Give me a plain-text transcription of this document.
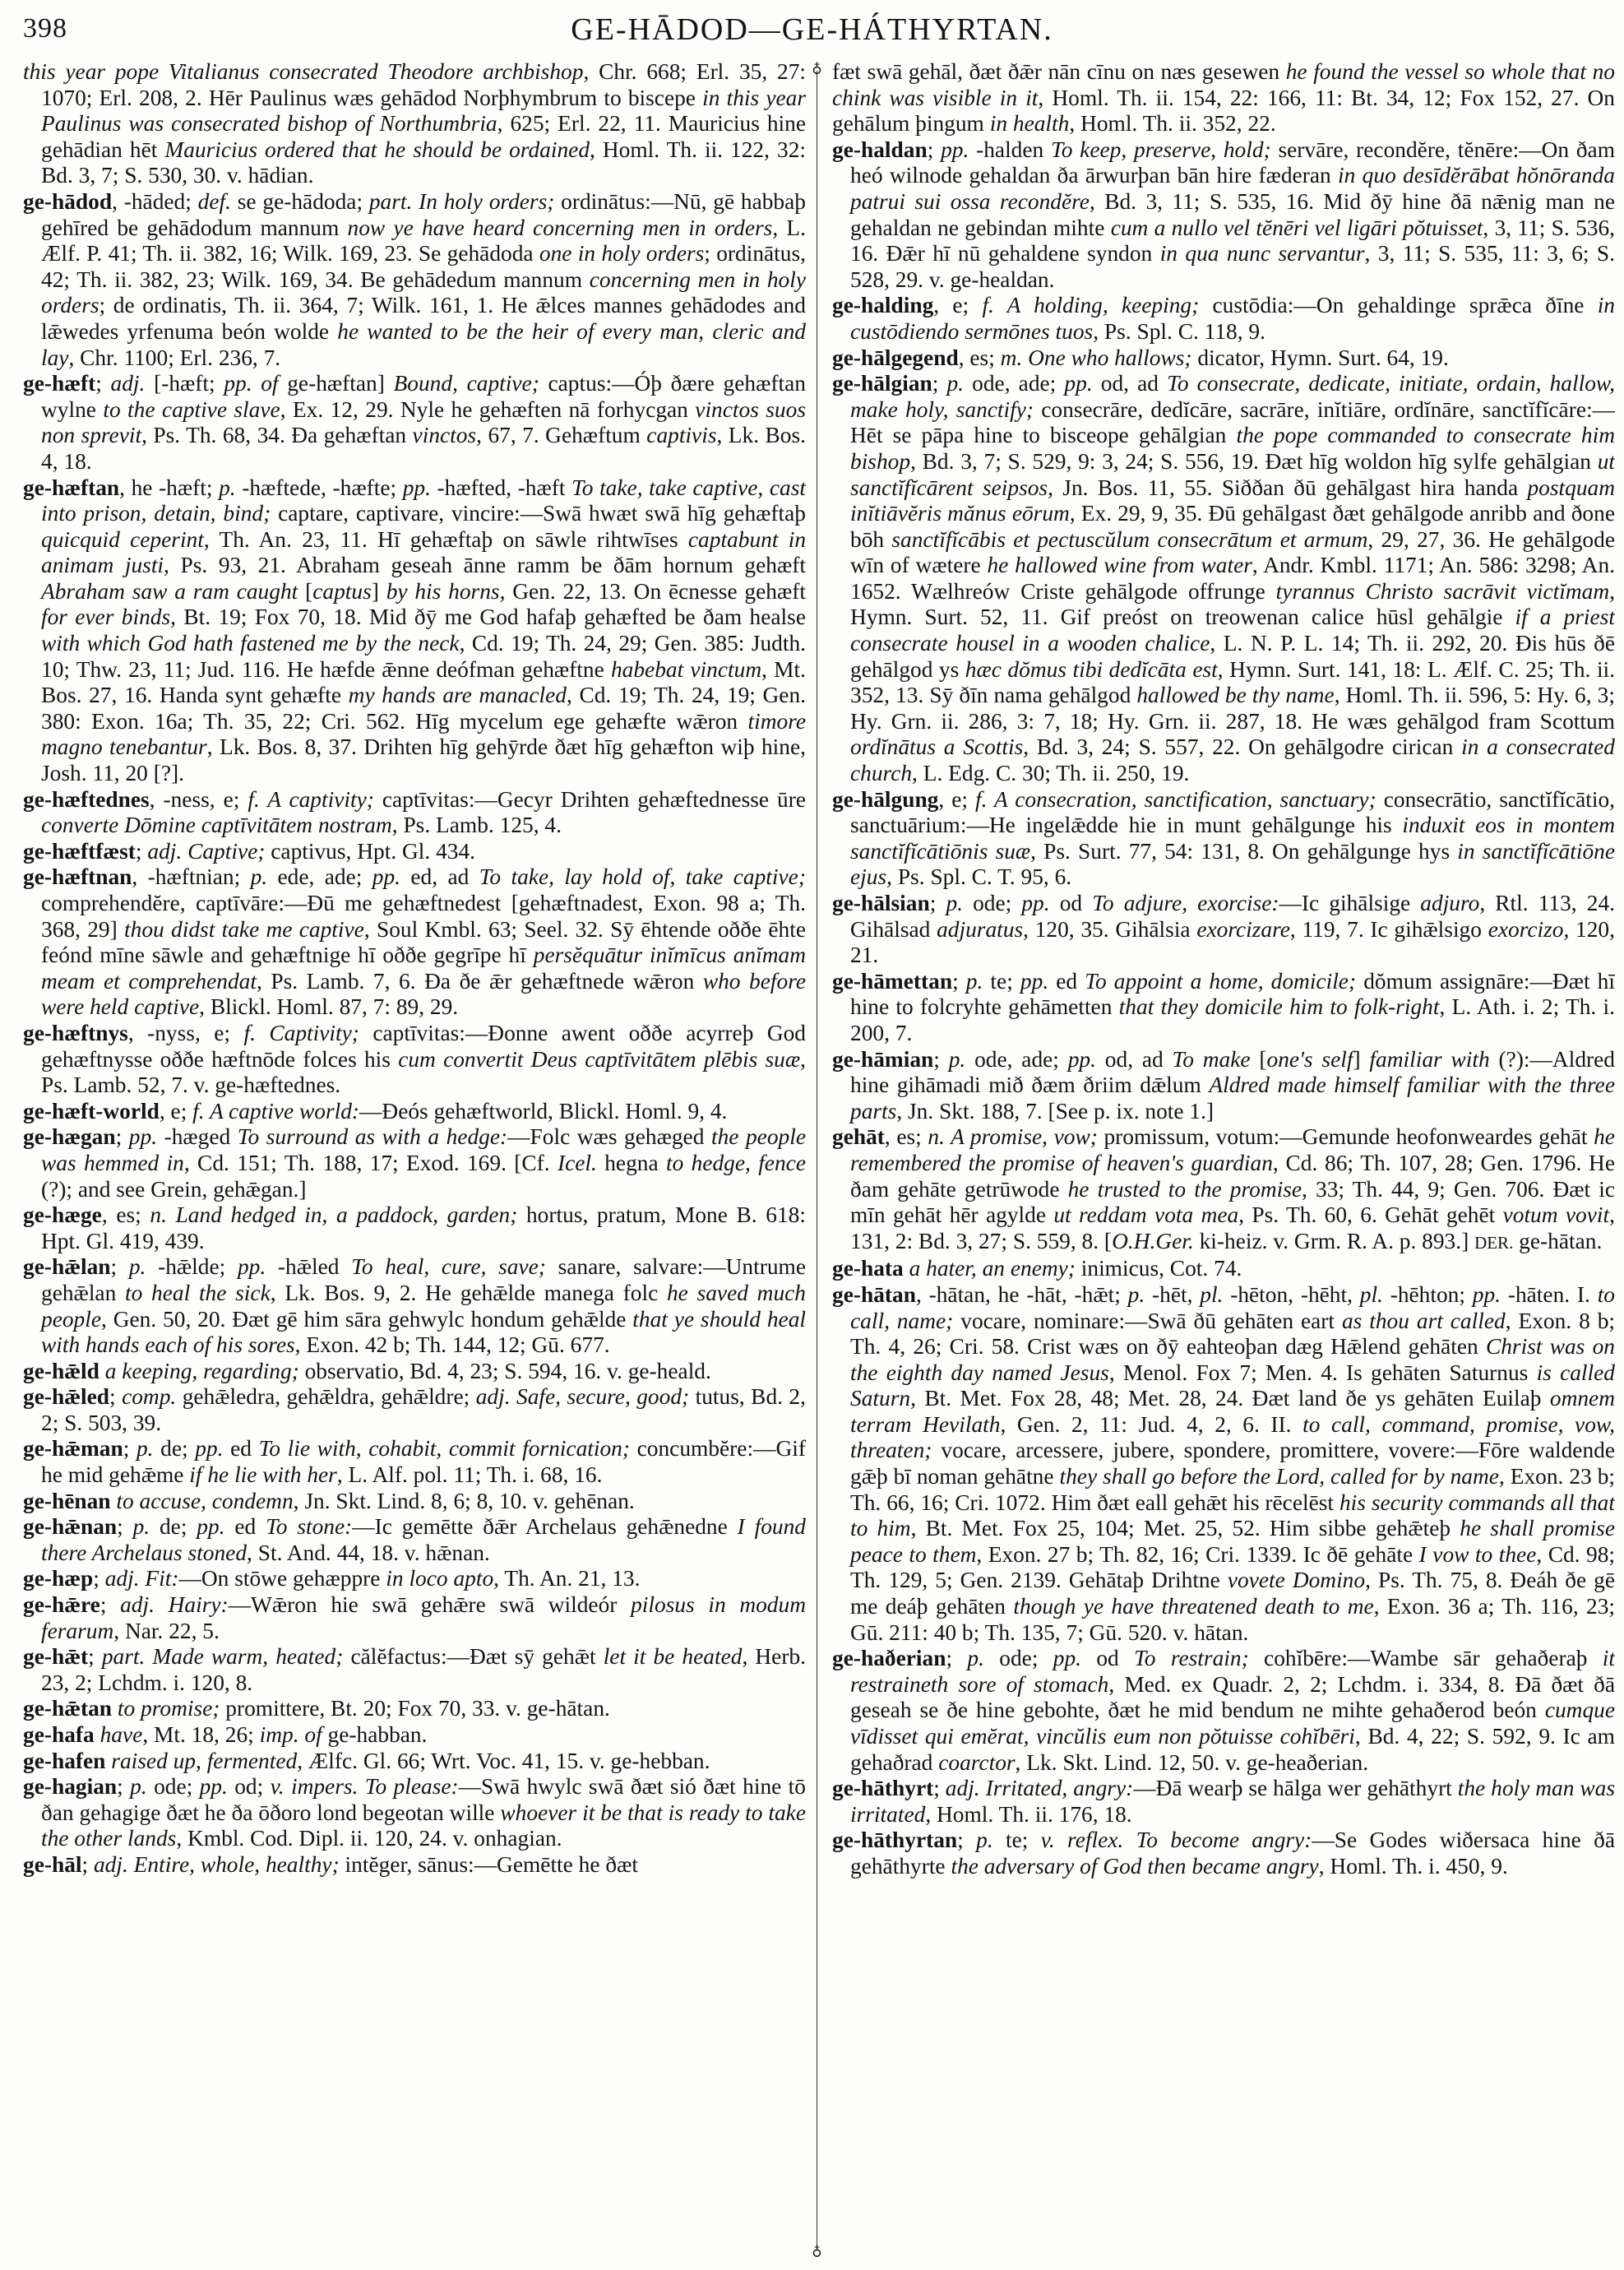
398	GE-HĀDOD—GE-HÁTHYRTAN.
♁
♁

this year pope Vitalianus consecrated Theodore archbishop, Chr. 668; Erl. 35, 27: 1070; Erl. 208, 2. Hēr Paulinus wæs gehādod Norþhymbrum to biscepe in this year Paulinus was consecrated bishop of Northumbria, 625; Erl. 22, 11. Mauricius hine gehādian hēt Mauricius ordered that he should be ordained, Homl. Th. ii. 122, 32: Bd. 3, 7; S. 530, 30. v. hādian.

ge-hādod, -hāded; def. se ge-hādoda; part. In holy orders; ordinātus:—Nū, gē habbaþ gehīred be gehādodum mannum now ye have heard concerning men in orders, L. Ælf. P. 41; Th. ii. 382, 16; Wilk. 169, 23. Se gehādoda one in holy orders; ordinātus, 42; Th. ii. 382, 23; Wilk. 169, 34. Be gehādedum mannum concerning men in holy orders; de ordinatis, Th. ii. 364, 7; Wilk. 161, 1. He ǣlces mannes gehādodes and lǣwedes yrfenuma beón wolde he wanted to be the heir of every man, cleric and lay, Chr. 1100; Erl. 236, 7.

ge-hæft; adj. [-hæft; pp. of ge-hæftan] Bound, captive; captus:—Óþ ðære gehæftan wylne to the captive slave, Ex. 12, 29. Nyle he gehæften nā forhycgan vinctos suos non sprevit, Ps. Th. 68, 34. Ða gehæftan vinctos, 67, 7. Gehæftum captivis, Lk. Bos. 4, 18.

ge-hæftan, he -hæft; p. -hæftede, -hæfte; pp. -hæfted, -hæft To take, take captive, cast into prison, detain, bind; captare, captivare, vincire:—Swā hwæt swā hīg gehæftaþ quicquid ceperint, Th. An. 23, 11. Hī gehæftaþ on sāwle rihtwīses captabunt in animam justi, Ps. 93, 21. Abraham geseah ānne ramm be ðām hornum gehæft Abraham saw a ram caught [captus] by his horns, Gen. 22, 13. On ēcnesse gehæft for ever binds, Bt. 19; Fox 70, 18. Mid ðȳ me God hafaþ gehæfted be ðam healse with which God hath fastened me by the neck, Cd. 19; Th. 24, 29; Gen. 385: Judth. 10; Thw. 23, 11; Jud. 116. He hæfde ǣnne deófman gehæftne habebat vinctum, Mt. Bos. 27, 16. Handa synt gehæfte my hands are manacled, Cd. 19; Th. 24, 19; Gen. 380: Exon. 16a; Th. 35, 22; Cri. 562. Hīg mycelum ege gehæfte wǣron timore magno tenebantur, Lk. Bos. 8, 37. Drihten hīg gehȳrde ðæt hīg gehæfton wiþ hine, Josh. 11, 20 [?].

ge-hæftednes, -ness, e; f. A captivity; captīvitas:—Gecyr Drihten gehæftednesse ūre converte Dōmine captīvitātem nostram, Ps. Lamb. 125, 4.

ge-hæftfæst; adj. Captive; captivus, Hpt. Gl. 434.

ge-hæftnan, -hæftnian; p. ede, ade; pp. ed, ad To take, lay hold of, take captive; comprehendĕre, captīvāre:—Ðū me gehæftnedest [gehæftnadest, Exon. 98 a; Th. 368, 29] thou didst take me captive, Soul Kmbl. 63; Seel. 32. Sȳ ēhtende oððe ēhte feónd mīne sāwle and gehæftnige hī oððe gegrīpe hī persĕquātur inĭmīcus anĭmam meam et comprehendat, Ps. Lamb. 7, 6. Ða ðe ǣr gehæftnede wǣron who before were held captive, Blickl. Homl. 87, 7: 89, 29.

ge-hæftnys, -nyss, e; f. Captivity; captīvitas:—Ðonne awent oððe acyrreþ God gehæftnysse oððe hæftnōde folces his cum convertit Deus captīvitātem plēbis suæ, Ps. Lamb. 52, 7. v. ge-hæftednes.

ge-hæft-world, e; f. A captive world:—Ðeós gehæftworld, Blickl. Homl. 9, 4.

ge-hægan; pp. -hæged To surround as with a hedge:—Folc wæs gehæged the people was hemmed in, Cd. 151; Th. 188, 17; Exod. 169. [Cf. Icel. hegna to hedge, fence (?); and see Grein, gehǣgan.]

ge-hæge, es; n. Land hedged in, a paddock, garden; hortus, pratum, Mone B. 618: Hpt. Gl. 419, 439.

ge-hǣlan; p. -hǣlde; pp. -hǣled To heal, cure, save; sanare, salvare:—Untrume gehǣlan to heal the sick, Lk. Bos. 9, 2. He gehǣlde manega folc he saved much people, Gen. 50, 20. Ðæt gē him sāra gehwylc hondum gehǣlde that ye should heal with hands each of his sores, Exon. 42 b; Th. 144, 12; Gū. 677.

ge-hǣld a keeping, regarding; observatio, Bd. 4, 23; S. 594, 16. v. ge-heald.

ge-hǣled; comp. gehǣledra, gehǣldra, gehǣldre; adj. Safe, secure, good; tutus, Bd. 2, 2; S. 503, 39.

ge-hǣman; p. de; pp. ed To lie with, cohabit, commit fornication; concumbĕre:—Gif he mid gehǣme if he lie with her, L. Alf. pol. 11; Th. i. 68, 16.

ge-hēnan to accuse, condemn, Jn. Skt. Lind. 8, 6; 8, 10. v. gehēnan.

ge-hǣnan; p. de; pp. ed To stone:—Ic gemētte ðǣr Archelaus gehǣnedne I found there Archelaus stoned, St. And. 44, 18. v. hǣnan.

ge-hæp; adj. Fit:—On stōwe gehæppre in loco apto, Th. An. 21, 13.

ge-hǣre; adj. Hairy:—Wǣron hie swā gehǣre swā wildeór pilosus in modum ferarum, Nar. 22, 5.

ge-hǣt; part. Made warm, heated; călĕfactus:—Ðæt sȳ gehǣt let it be heated, Herb. 23, 2; Lchdm. i. 120, 8.

ge-hǣtan to promise; promittere, Bt. 20; Fox 70, 33. v. ge-hātan.

ge-hafa have, Mt. 18, 26; imp. of ge-habban.

ge-hafen raised up, fermented, Ælfc. Gl. 66; Wrt. Voc. 41, 15. v. ge-hebban.

ge-hagian; p. ode; pp. od; v. impers. To please:—Swā hwylc swā ðæt sió ðæt hine tō ðan gehagige ðæt he ða ōðoro lond begeotan wille whoever it be that is ready to take the other lands, Kmbl. Cod. Dipl. ii. 120, 24. v. onhagian.

ge-hāl; adj. Entire, whole, healthy; intĕger, sānus:—Gemētte he ðæt

fæt swā gehāl, ðæt ðǣr nān cīnu on næs gesewen he found the vessel so whole that no chink was visible in it, Homl. Th. ii. 154, 22: 166, 11: Bt. 34, 12; Fox 152, 27. On gehālum þingum in health, Homl. Th. ii. 352, 22.

ge-haldan; pp. -halden To keep, preserve, hold; servāre, recondĕre, tĕnēre:—On ðam heó wilnode gehaldan ða ārwurþan bān hire fæderan in quo desīdĕrābat hŏnōranda patrui sui ossa recondĕre, Bd. 3, 11; S. 535, 16. Mid ðȳ hine ðā nǣnig man ne gehaldan ne gebindan mihte cum a nullo vel tĕnēri vel ligāri pŏtuisset, 3, 11; S. 536, 16. Ðǣr hī nū gehaldene syndon in qua nunc servantur, 3, 11; S. 535, 11: 3, 6; S. 528, 29. v. ge-healdan.

ge-halding, e; f. A holding, keeping; custōdia:—On gehaldinge sprǣca ðīne in custōdiendo sermōnes tuos, Ps. Spl. C. 118, 9.

ge-hālgegend, es; m. One who hallows; dicator, Hymn. Surt. 64, 19.

ge-hālgian; p. ode, ade; pp. od, ad To consecrate, dedicate, initiate, ordain, hallow, make holy, sanctify; consecrāre, dedĭcāre, sacrāre, inĭtiāre, ordĭnāre, sanctĭfĭcāre:—Hēt se pāpa hine to bisceope gehālgian the pope commanded to consecrate him bishop, Bd. 3, 7; S. 529, 9: 3, 24; S. 556, 19. Ðæt hīg woldon hīg sylfe gehālgian ut sanctĭfĭcārent seipsos, Jn. Bos. 11, 55. Siððan ðū gehālgast hira handa postquam inĭtiāvĕris mănus eōrum, Ex. 29, 9, 35. Ðū gehālgast ðæt gehālgode anribb and ðone bōh sanctĭfĭcābis et pectuscŭlum consecrātum et armum, 29, 27, 36. He gehālgode wīn of wætere he hallowed wine from water, Andr. Kmbl. 1171; An. 586: 3298; An. 1652. Wælhreów Criste gehālgode offrunge tyrannus Christo sacrāvit victĭmam, Hymn. Surt. 52, 11. Gif preóst on treowenan calice hūsl gehālgie if a priest consecrate housel in a wooden chalice, L. N. P. L. 14; Th. ii. 292, 20. Ðis hūs ðē gehālgod ys hæc dŏmus tibi dedĭcāta est, Hymn. Surt. 141, 18: L. Ælf. C. 25; Th. ii. 352, 13. Sȳ ðīn nama gehālgod hallowed be thy name, Homl. Th. ii. 596, 5: Hy. 6, 3; Hy. Grn. ii. 286, 3: 7, 18; Hy. Grn. ii. 287, 18. He wæs gehālgod fram Scottum ordĭnātus a Scottis, Bd. 3, 24; S. 557, 22. On gehālgodre cirican in a consecrated church, L. Edg. C. 30; Th. ii. 250, 19.

ge-hālgung, e; f. A consecration, sanctification, sanctuary; consecrātio, sanctĭfĭcātio, sanctuārium:—He ingelǣdde hie in munt gehālgunge his induxit eos in montem sanctĭfĭcātiōnis suæ, Ps. Surt. 77, 54: 131, 8. On gehālgunge hys in sanctĭfĭcātiōne ejus, Ps. Spl. C. T. 95, 6.

ge-hālsian; p. ode; pp. od To adjure, exorcise:—Ic gihālsige adjuro, Rtl. 113, 24. Gihālsad adjuratus, 120, 35. Gihālsia exorcizare, 119, 7. Ic gihǣlsigo exorcizo, 120, 21.

ge-hāmettan; p. te; pp. ed To appoint a home, domicile; dŏmum assignāre:—Ðæt hī hine to folcryhte gehāmetten that they domicile him to folk-right, L. Ath. i. 2; Th. i. 200, 7.

ge-hāmian; p. ode, ade; pp. od, ad To make [one's self] familiar with (?):—Aldred hine gihāmadi mið ðæm ðriim dǣlum Aldred made himself familiar with the three parts, Jn. Skt. 188, 7. [See p. ix. note 1.]

gehāt, es; n. A promise, vow; promissum, votum:—Gemunde heofonweardes gehāt he remembered the promise of heaven's guardian, Cd. 86; Th. 107, 28; Gen. 1796. He ðam gehāte getrūwode he trusted to the promise, 33; Th. 44, 9; Gen. 706. Ðæt ic mīn gehāt hēr agylde ut reddam vota mea, Ps. Th. 60, 6. Gehāt gehēt votum vovit, 131, 2: Bd. 3, 27; S. 559, 8. [O.H.Ger. ki-heiz. v. Grm. R. A. p. 893.] DER. ge-hātan.

ge-hata a hater, an enemy; inimicus, Cot. 74.

ge-hātan, -hātan, he -hāt, -hǣt; p. -hēt, pl. -hēton, -hēht, pl. -hēhton; pp. -hāten. I. to call, name; vocare, nominare:—Swā ðū gehāten eart as thou art called, Exon. 8 b; Th. 4, 26; Cri. 58. Crist wæs on ðȳ eahteoþan dæg Hǣlend gehāten Christ was on the eighth day named Jesus, Menol. Fox 7; Men. 4. Is gehāten Saturnus is called Saturn, Bt. Met. Fox 28, 48; Met. 28, 24. Ðæt land ðe ys gehāten Euilaþ omnem terram Hevilath, Gen. 2, 11: Jud. 4, 2, 6. II. to call, command, promise, vow, threaten; vocare, arcessere, jubere, spondere, promittere, vovere:—Fōre waldende gǣþ bī noman gehātne they shall go before the Lord, called for by name, Exon. 23 b; Th. 66, 16; Cri. 1072. Him ðæt eall gehǣt his rēcelēst his security commands all that to him, Bt. Met. Fox 25, 104; Met. 25, 52. Him sibbe gehǣteþ he shall promise peace to them, Exon. 27 b; Th. 82, 16; Cri. 1339. Ic ðē gehāte I vow to thee, Cd. 98; Th. 129, 5; Gen. 2139. Gehātaþ Drihtne vovete Domino, Ps. Th. 75, 8. Ðeáh ðe gē me deáþ gehāten though ye have threatened death to me, Exon. 36 a; Th. 116, 23; Gū. 211: 40 b; Th. 135, 7; Gū. 520. v. hātan.

ge-haðerian; p. ode; pp. od To restrain; cohĭbēre:—Wambe sār gehaðeraþ it restraineth sore of stomach, Med. ex Quadr. 2, 2; Lchdm. i. 334, 8. Ðā ðæt ðā geseah se ðe hine gebohte, ðæt he mid bendum ne mihte gehaðerod beón cumque vīdisset qui emĕrat, vincŭlis eum non pŏtuisse cohĭbēri, Bd. 4, 22; S. 592, 9. Ic am gehaðrad coarctor, Lk. Skt. Lind. 12, 50. v. ge-heaðerian.

ge-hāthyrt; adj. Irritated, angry:—Ðā wearþ se hālga wer gehāthyrt the holy man was irritated, Homl. Th. ii. 176, 18.

ge-hāthyrtan; p. te; v. reflex. To become angry:—Se Godes wiðersaca hine ðā gehāthyrte the adversary of God then became angry, Homl. Th. i. 450, 9.
